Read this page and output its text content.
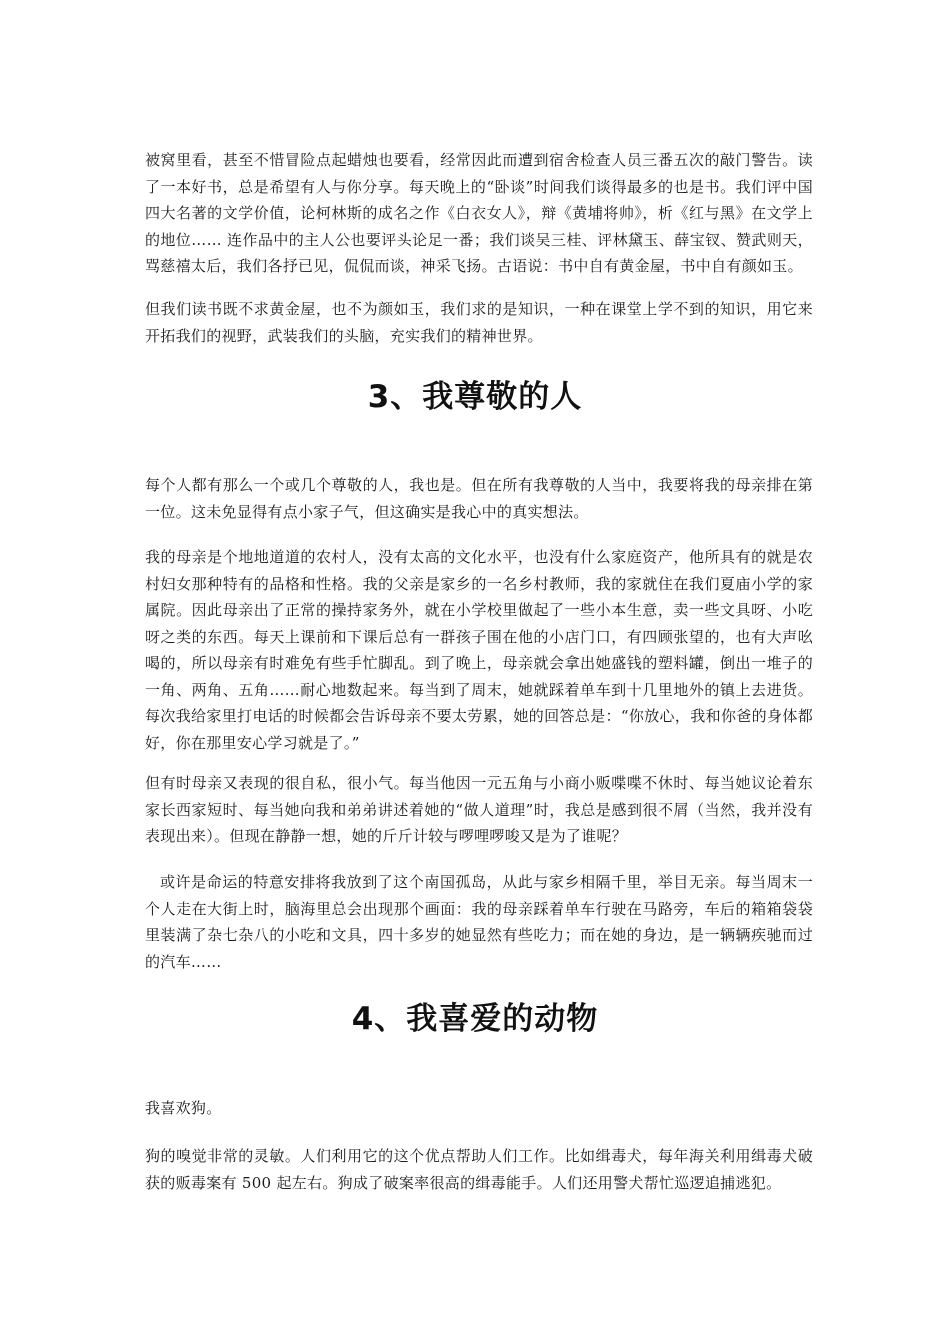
被窝里看，甚至不惜冒险点起蜡烛也要看，经常因此而遭到宿舍检查人员三番五次的敲门警告。读了一本好书，总是希望有人与你分享。每天晚上的“卧谈”时间我们谈得最多的也是书。我们评中国四大名著的文学价值，论柯林斯的成名之作《白衣女人》，辩《黄埔将帅》，析《红与黑》在文学上的地位…… 连作品中的主人公也要评头论足一番；我们谈吴三桂、评林黛玉、薛宝钗、赞武则天，骂慈禧太后，我们各抒已见，侃侃而谈，神采飞扬。古语说：书中自有黄金屋，书中自有颜如玉。

但我们读书既不求黄金屋，也不为颜如玉，我们求的是知识，一种在课堂上学不到的知识，用它来开拓我们的视野，武装我们的头脑，充实我们的精神世界。

3、我尊敬的人

每个人都有那么一个或几个尊敬的人，我也是。但在所有我尊敬的人当中，我要将我的母亲排在第一位。这未免显得有点小家子气，但这确实是我心中的真实想法。

我的母亲是个地地道道的农村人，没有太高的文化水平，也没有什么家庭资产，他所具有的就是农村妇女那种特有的品格和性格。我的父亲是家乡的一名乡村教师，我的家就住在我们夏庙小学的家属院。因此母亲出了正常的操持家务外，就在小学校里做起了一些小本生意，卖一些文具呀、小吃呀之类的东西。每天上课前和下课后总有一群孩子围在他的小店门口，有四顾张望的，也有大声吆喝的，所以母亲有时难免有些手忙脚乱。到了晚上，母亲就会拿出她盛钱的塑料罐，倒出一堆子的一角、两角、五角……耐心地数起来。每当到了周末，她就踩着单车到十几里地外的镇上去进货。每次我给家里打电话的时候都会告诉母亲不要太劳累，她的回答总是：“你放心，我和你爸的身体都好，你在那里安心学习就是了。”

但有时母亲又表现的很自私，很小气。每当他因一元五角与小商小贩喋喋不休时、每当她议论着东家长西家短时、每当她向我和弟弟讲述着她的“做人道理”时，我总是感到很不屑（当然，我并没有表现出来）。但现在静静一想，她的斤斤计较与啰哩啰唆又是为了谁呢？

或许是命运的特意安排将我放到了这个南国孤岛，从此与家乡相隔千里，举目无亲。每当周末一个人走在大街上时，脑海里总会出现那个画面：我的母亲踩着单车行驶在马路旁，车后的箱箱袋袋里装满了杂七杂八的小吃和文具，四十多岁的她显然有些吃力；而在她的身边，是一辆辆疾驰而过的汽车……

4、我喜爱的动物

我喜欢狗。

狗的嗅觉非常的灵敏。人们利用它的这个优点帮助人们工作。比如缉毒犬，每年海关利用缉毒犬破获的贩毒案有 500 起左右。狗成了破案率很高的缉毒能手。人们还用警犬帮忙巡逻追捕逃犯。
